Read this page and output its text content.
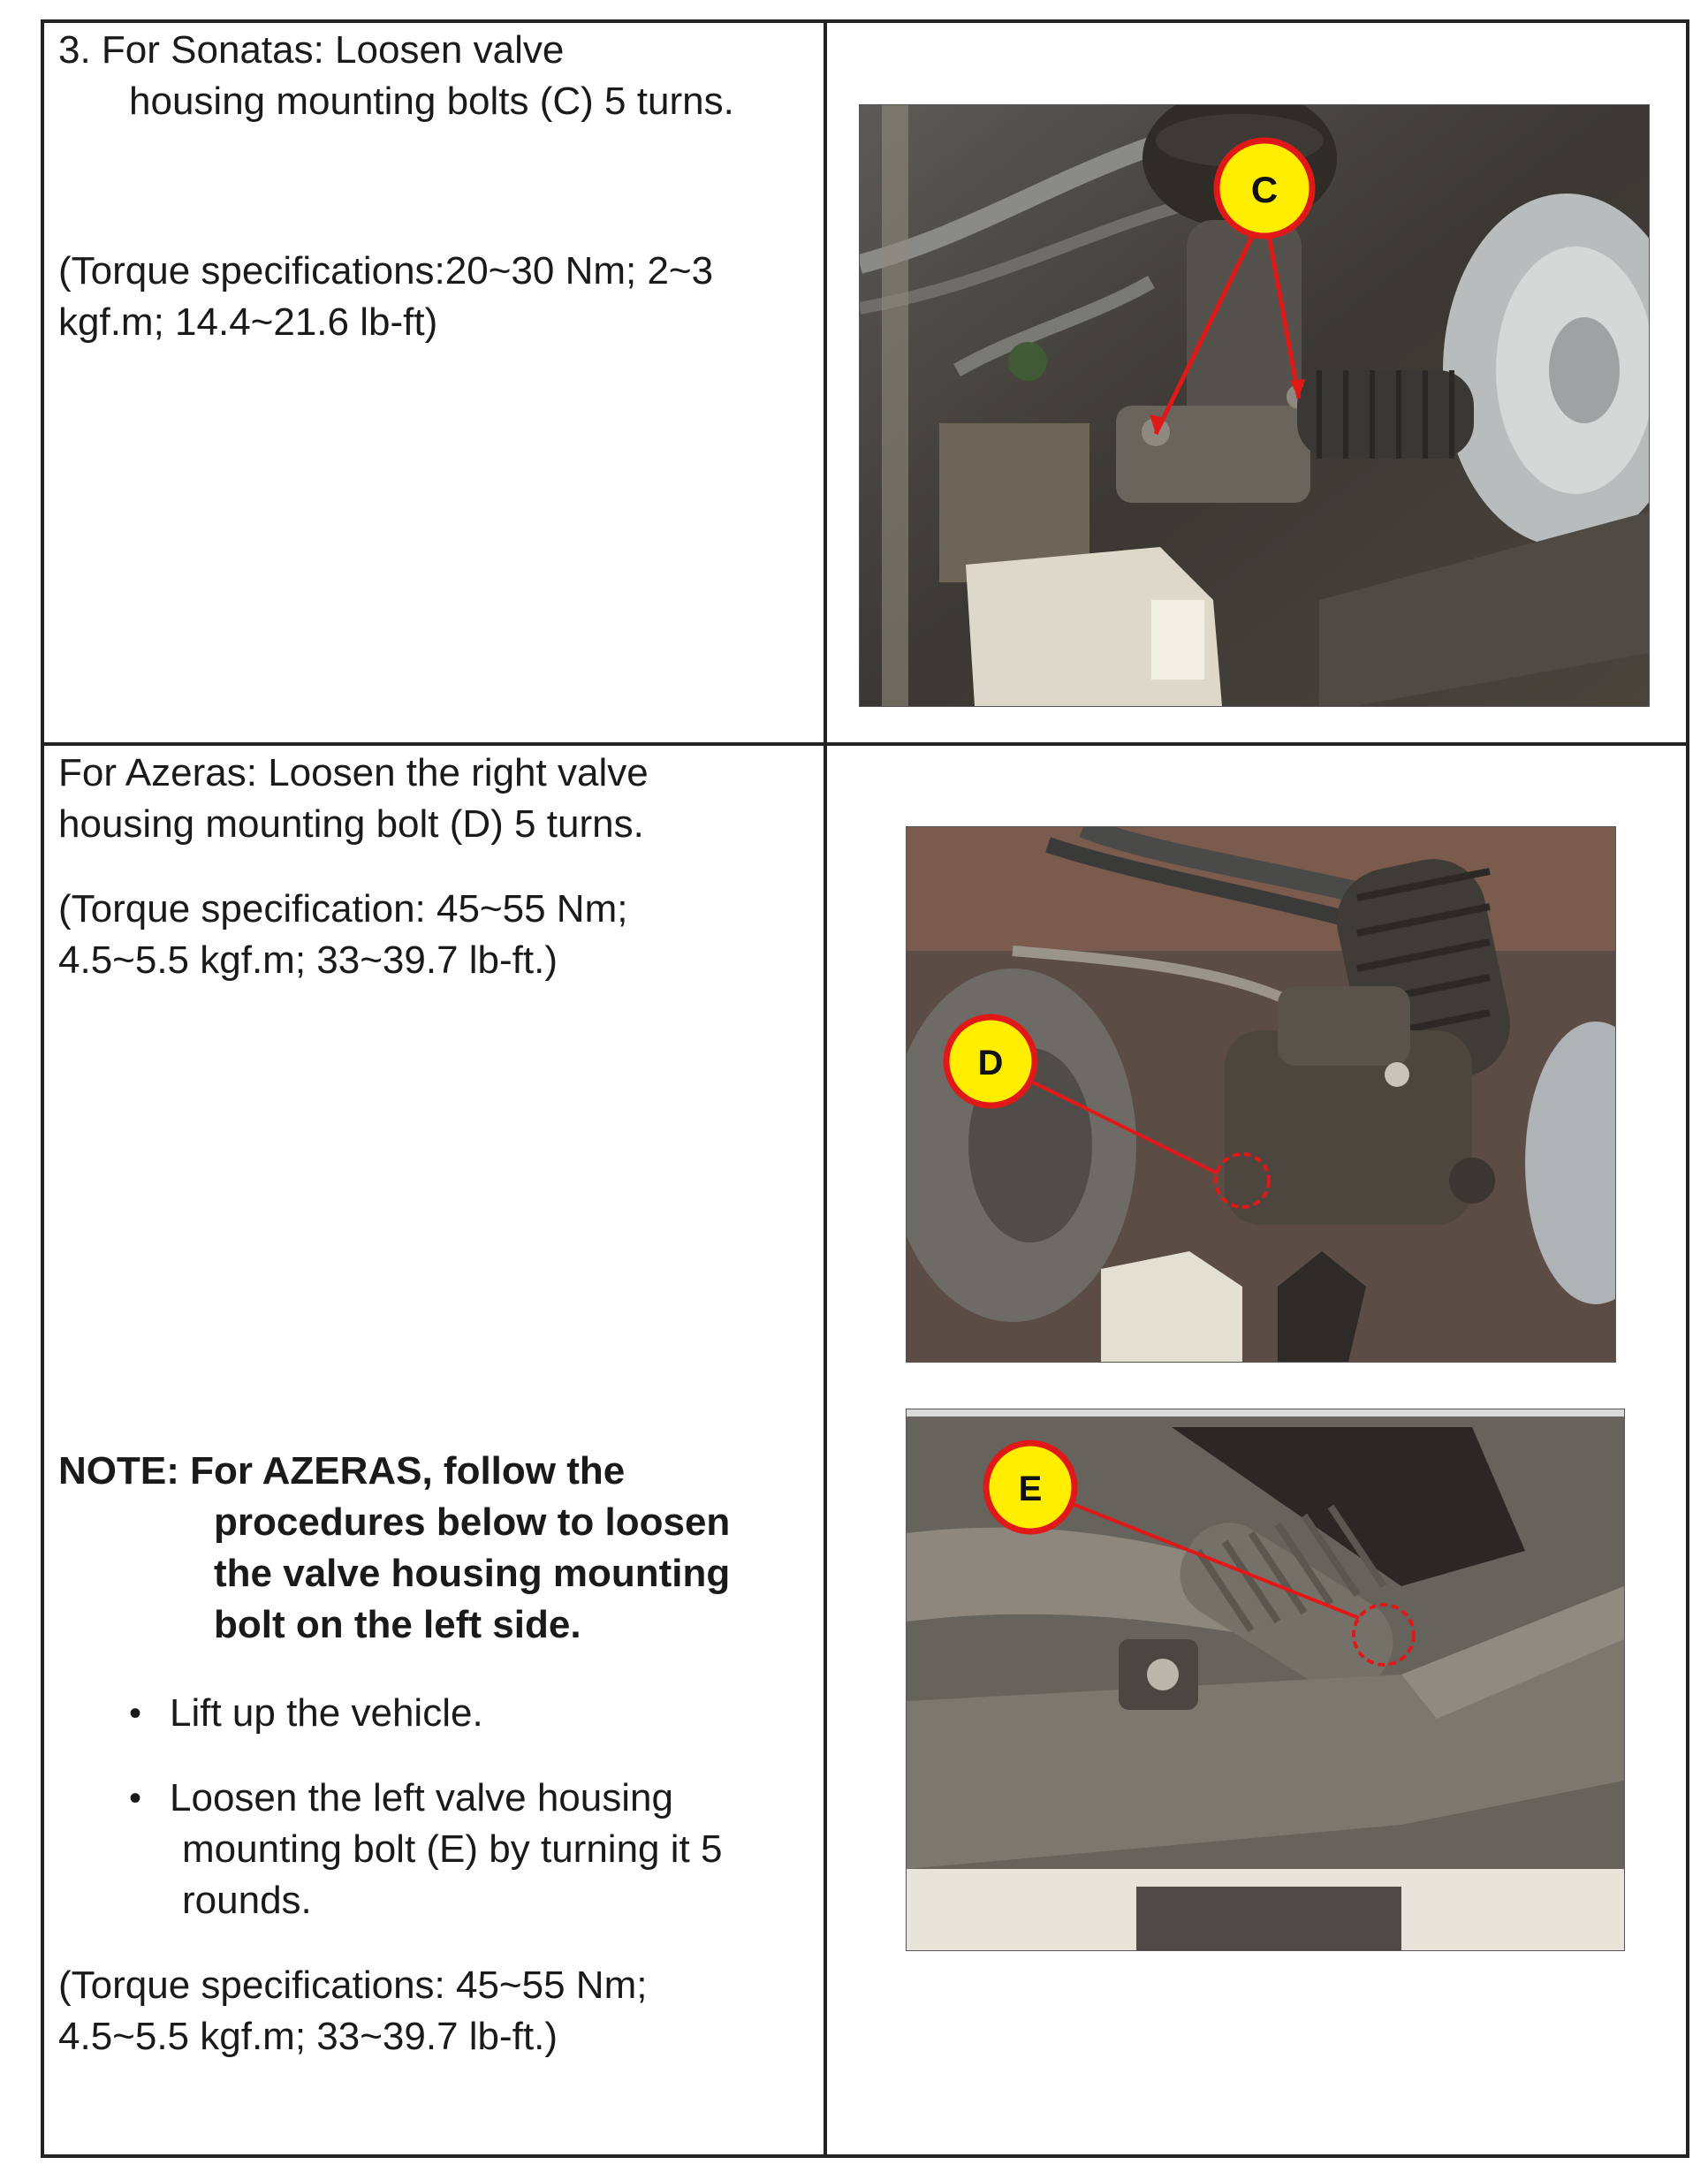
3. For Sonatas: Loosen valve
housing mounting bolts (C) 5 turns.
(Torque specifications:20~30 Nm; 2~3
kgf.m; 14.4~21.6 lb-ft)
C
For Azeras: Loosen the right valve
housing mounting bolt (D) 5 turns.
(Torque specification: 45~55 Nm;
4.5~5.5 kgf.m; 33~39.7 lb-ft.)
NOTE: For AZERAS, follow the
procedures below to loosen
the valve housing mounting
bolt on the left side.
• Lift up the vehicle.
• Loosen the left valve housing
mounting bolt (E) by turning it 5
rounds.
(Torque specifications: 45~55 Nm;
4.5~5.5 kgf.m; 33~39.7 lb-ft.)
D
E
